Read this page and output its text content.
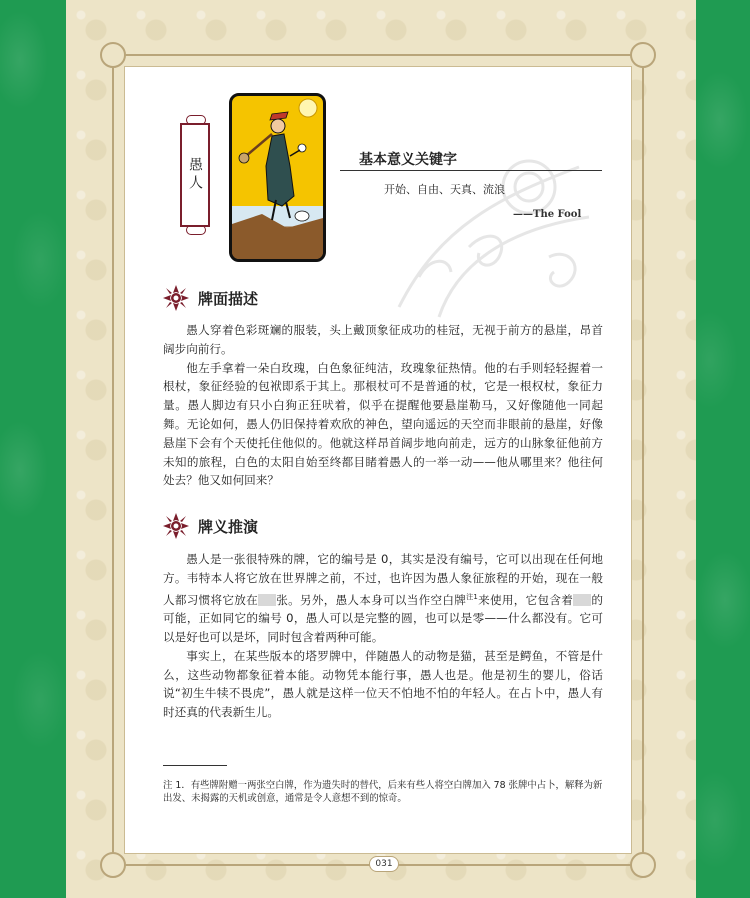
愚人	基本意义关键字
开始、自由、天真、流浪
——The Fool
牌面描述

愚人穿着色彩斑斓的服装，头上戴顶象征成功的桂冠，无视于前方的悬崖，昂首阔步向前行。

他左手拿着一朵白玫瑰，白色象征纯洁，玫瑰象征热情。他的右手则轻轻握着一根杖，象征经验的包袱即系于其上。那根杖可不是普通的杖，它是一根权杖，象征力量。愚人脚边有只小白狗正狂吠着，似乎在提醒他要悬崖勒马，又好像随他一同起舞。无论如何，愚人仍旧保持着欢欣的神色，望向遥远的天空而非眼前的悬崖，好像悬崖下会有个天使托住他似的。他就这样昂首阔步地向前走，远方的山脉象征他前方未知的旅程，白色的太阳自始至终都目睹着愚人的一举一动——他从哪里来？他往何处去？他又如何回来？

牌义推演

愚人是一张很特殊的牌，它的编号是 0，其实是没有编号，它可以出现在任何地方。韦特本人将它放在世界牌之前，不过，也许因为愚人象征旅程的开始，现在一般人都习惯将它放在 张。另外，愚人本身可以当作空白牌$^{注1}$来使用，它包含着 的可能，正如同它的编号 0，愚人可以是完整的圆，也可以是零——什么都没有。它可以是好也可以是坏，同时包含着两种可能。

事实上，在某些版本的塔罗牌中，伴随愚人的动物是猫，甚至是鳄鱼，不管是什么，这些动物都象征着本能。动物凭本能行事，愚人也是。他是初生的婴儿，俗话说“初生牛犊不畏虎”，愚人就是这样一位天不怕地不怕的年轻人。在占卜中，愚人有时还真的代表新生儿。

注 1．有些牌附赠一两张空白牌，作为遗失时的替代，后来有些人将空白牌加入 78 张牌中占卜，解释为新出发、未揭露的天机或创意，通常是令人意想不到的惊奇。
031
